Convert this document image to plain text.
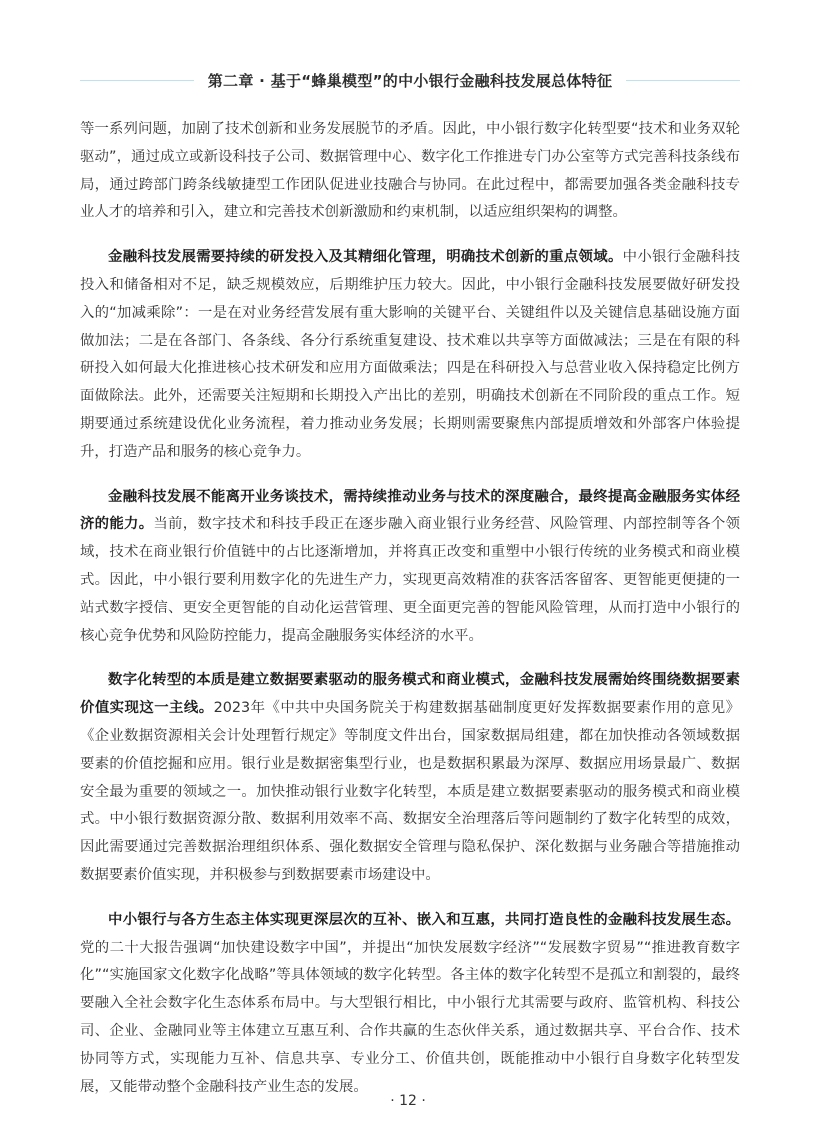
第二章 · 基于“蜂巢模型”的中小银行金融科技发展总体特征

等一系列问题，加剧了技术创新和业务发展脱节的矛盾。因此，中小银行数字化转型要“技术和业务双轮驱动”，通过成立或新设科技子公司、数据管理中心、数字化工作推进专门办公室等方式完善科技条线布局，通过跨部门跨条线敏捷型工作团队促进业技融合与协同。在此过程中，都需要加强各类金融科技专业人才的培养和引入，建立和完善技术创新激励和约束机制，以适应组织架构的调整。

金融科技发展需要持续的研发投入及其精细化管理，明确技术创新的重点领域。中小银行金融科技投入和储备相对不足，缺乏规模效应，后期维护压力较大。因此，中小银行金融科技发展要做好研发投入的“加减乘除”：一是在对业务经营发展有重大影响的关键平台、关键组件以及关键信息基础设施方面做加法；二是在各部门、各条线、各分行系统重复建设、技术难以共享等方面做减法；三是在有限的科研投入如何最大化推进核心技术研发和应用方面做乘法；四是在科研投入与总营业收入保持稳定比例方面做除法。此外，还需要关注短期和长期投入产出比的差别，明确技术创新在不同阶段的重点工作。短期要通过系统建设优化业务流程，着力推动业务发展；长期则需要聚焦内部提质增效和外部客户体验提升，打造产品和服务的核心竞争力。

金融科技发展不能离开业务谈技术，需持续推动业务与技术的深度融合，最终提高金融服务实体经济的能力。当前，数字技术和科技手段正在逐步融入商业银行业务经营、风险管理、内部控制等各个领域，技术在商业银行价值链中的占比逐渐增加，并将真正改变和重塑中小银行传统的业务模式和商业模式。因此，中小银行要利用数字化的先进生产力，实现更高效精准的获客活客留客、更智能更便捷的一站式数字授信、更安全更智能的自动化运营管理、更全面更完善的智能风险管理，从而打造中小银行的核心竞争优势和风险防控能力，提高金融服务实体经济的水平。

数字化转型的本质是建立数据要素驱动的服务模式和商业模式，金融科技发展需始终围绕数据要素价值实现这一主线。2023年《中共中央国务院关于构建数据基础制度更好发挥数据要素作用的意见》《企业数据资源相关会计处理暂行规定》等制度文件出台，国家数据局组建，都在加快推动各领域数据要素的价值挖掘和应用。银行业是数据密集型行业，也是数据积累最为深厚、数据应用场景最广、数据安全最为重要的领域之一。加快推动银行业数字化转型，本质是建立数据要素驱动的服务模式和商业模式。中小银行数据资源分散、数据利用效率不高、数据安全治理落后等问题制约了数字化转型的成效，因此需要通过完善数据治理组织体系、强化数据安全管理与隐私保护、深化数据与业务融合等措施推动数据要素价值实现，并积极参与到数据要素市场建设中。

中小银行与各方生态主体实现更深层次的互补、嵌入和互惠，共同打造良性的金融科技发展生态。党的二十大报告强调“加快建设数字中国”，并提出“加快发展数字经济”“发展数字贸易”“推进教育数字化”“实施国家文化数字化战略”等具体领域的数字化转型。各主体的数字化转型不是孤立和割裂的，最终要融入全社会数字化生态体系布局中。与大型银行相比，中小银行尤其需要与政府、监管机构、科技公司、企业、金融同业等主体建立互惠互利、合作共赢的生态伙伴关系，通过数据共享、平台合作、技术协同等方式，实现能力互补、信息共享、专业分工、价值共创，既能推动中小银行自身数字化转型发展，又能带动整个金融科技产业生态的发展。

· 12 ·
